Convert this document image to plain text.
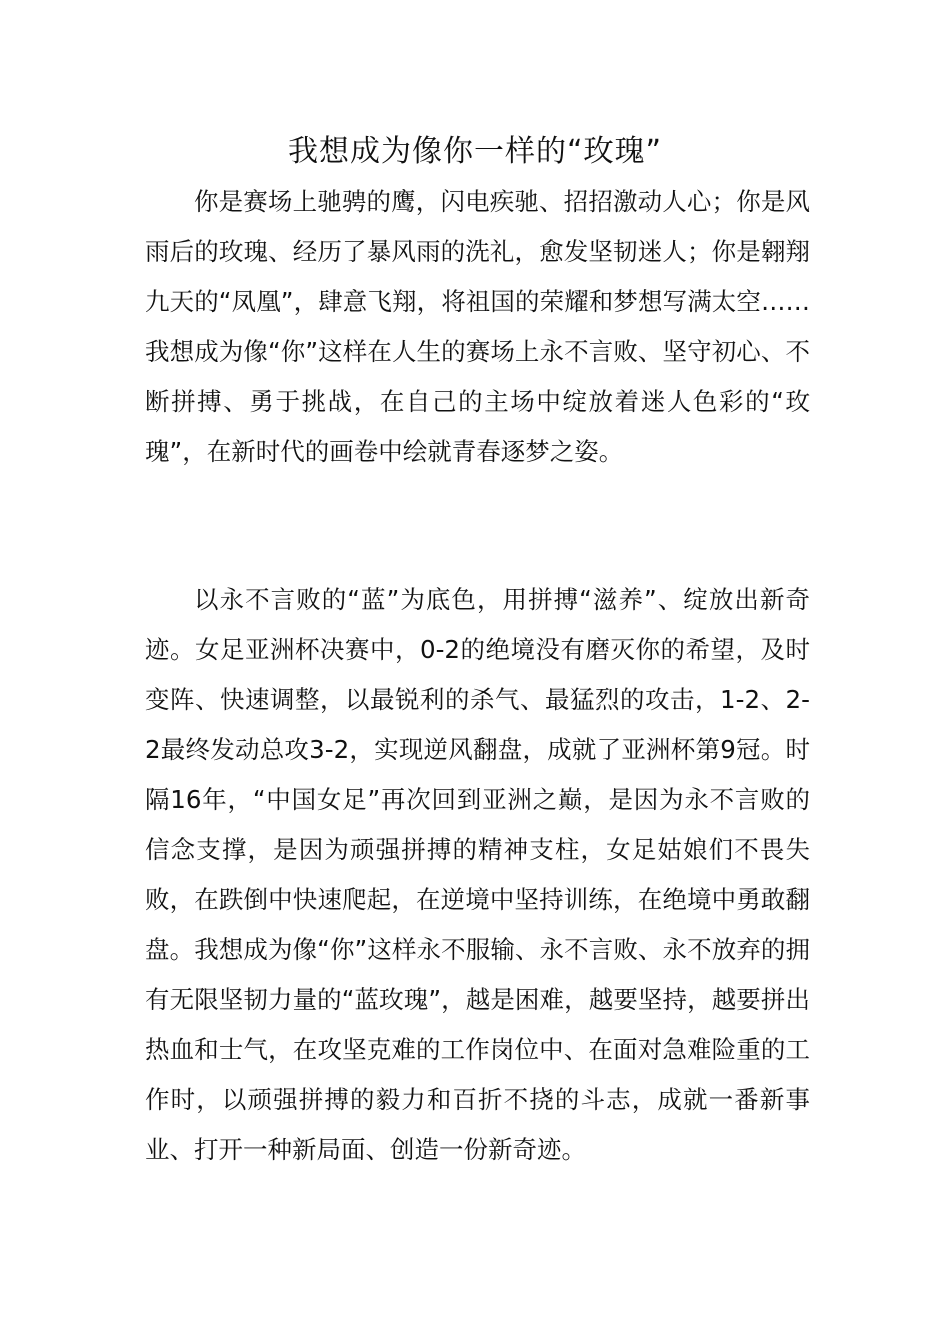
我想成为像你一样的“玫瑰”

你是赛场上驰骋的鹰，闪电疾驰、招招激动人心；你是风雨后的玫瑰、经历了暴风雨的洗礼，愈发坚韧迷人；你是翱翔九天的“凤凰”，肆意飞翔，将祖国的荣耀和梦想写满太空……我想成为像“你”这样在人生的赛场上永不言败、坚守初心、不断拼搏、勇于挑战，在自己的主场中绽放着迷人色彩的“玫瑰”，在新时代的画卷中绘就青春逐梦之姿。

以永不言败的“蓝”为底色，用拼搏“滋养”、绽放出新奇迹。女足亚洲杯决赛中，0-2的绝境没有磨灭你的希望，及时变阵、快速调整，以最锐利的杀气、最猛烈的攻击，1-2、2-2最终发动总攻3-2，实现逆风翻盘，成就了亚洲杯第9冠。时隔16年，“中国女足”再次回到亚洲之巅，是因为永不言败的信念支撑，是因为顽强拼搏的精神支柱，女足姑娘们不畏失败，在跌倒中快速爬起，在逆境中坚持训练，在绝境中勇敢翻盘。我想成为像“你”这样永不服输、永不言败、永不放弃的拥有无限坚韧力量的“蓝玫瑰”，越是困难，越要坚持，越要拼出热血和士气，在攻坚克难的工作岗位中、在面对急难险重的工作时，以顽强拼搏的毅力和百折不挠的斗志，成就一番新事业、打开一种新局面、创造一份新奇迹。
